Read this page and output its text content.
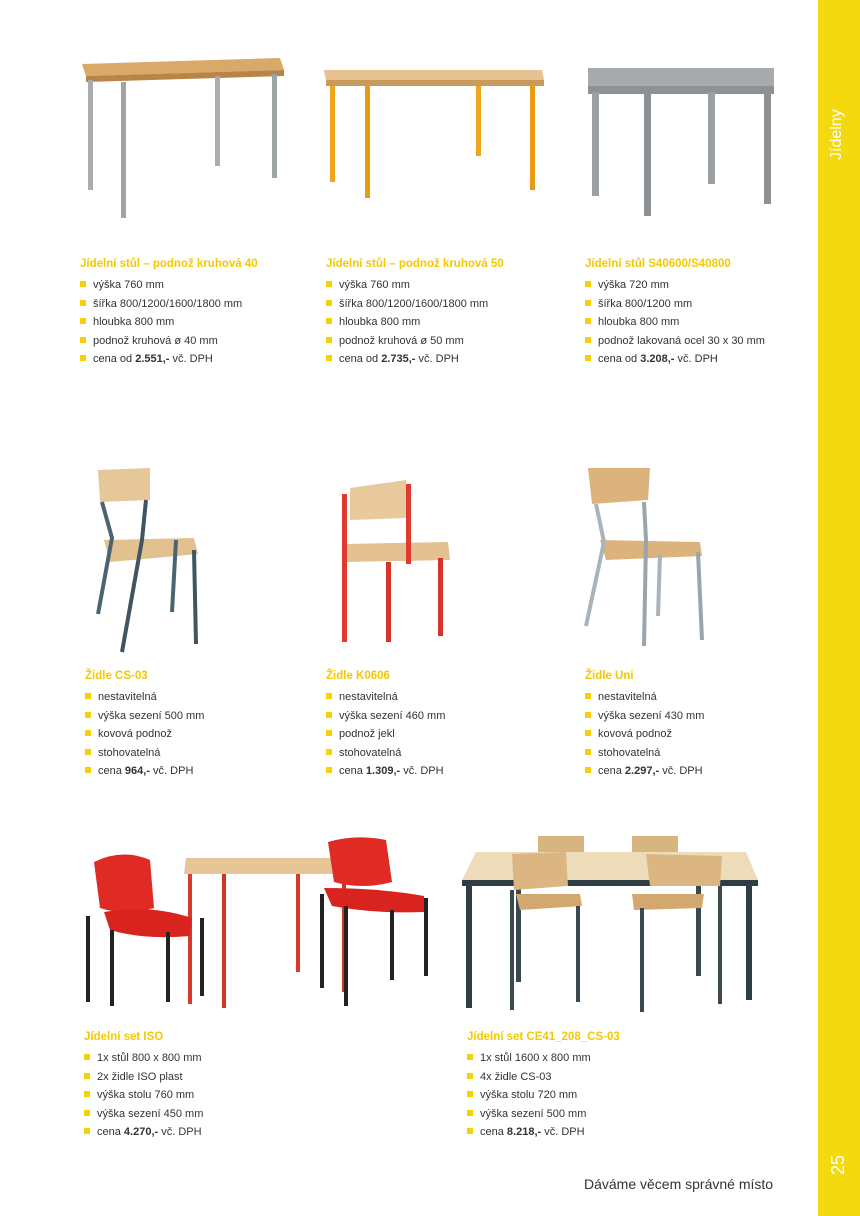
Jídelny
25
Jídelní stůl – podnož kruhová 40
výška 760 mm
šířka 800/1200/1600/1800 mm
hloubka 800 mm
podnož kruhová ø 40 mm
cena od 2.551,- vč. DPH
Jídelní stůl – podnož kruhová 50
výška 760 mm
šířka 800/1200/1600/1800 mm
hloubka 800 mm
podnož kruhová ø 50 mm
cena od 2.735,- vč. DPH
Jídelní stůl S40600/S40800
výška 720 mm
šířka 800/1200 mm
hloubka 800 mm
podnož lakovaná ocel 30 x 30 mm
cena od 3.208,- vč. DPH
Židle CS-03
nestavitelná
výška sezení 500 mm
kovová podnož
stohovatelná
cena 964,- vč. DPH
Židle K0606
nestavitelná
výška sezení 460 mm
podnož jekl
stohovatelná
cena 1.309,- vč. DPH
Židle Uni
nestavitelná
výška sezení 430 mm
kovová podnož
stohovatelná
cena 2.297,- vč. DPH
Jídelní set ISO
1x stůl 800 x 800 mm
2x židle ISO plast
výška stolu 760 mm
výška sezení 450 mm
cena 4.270,- vč. DPH
Jídelní set CE41_208_CS-03
1x stůl 1600 x 800 mm
4x židle CS-03
výška stolu 720 mm
výška sezení 500 mm
cena 8.218,- vč. DPH
Dáváme věcem správné místo
